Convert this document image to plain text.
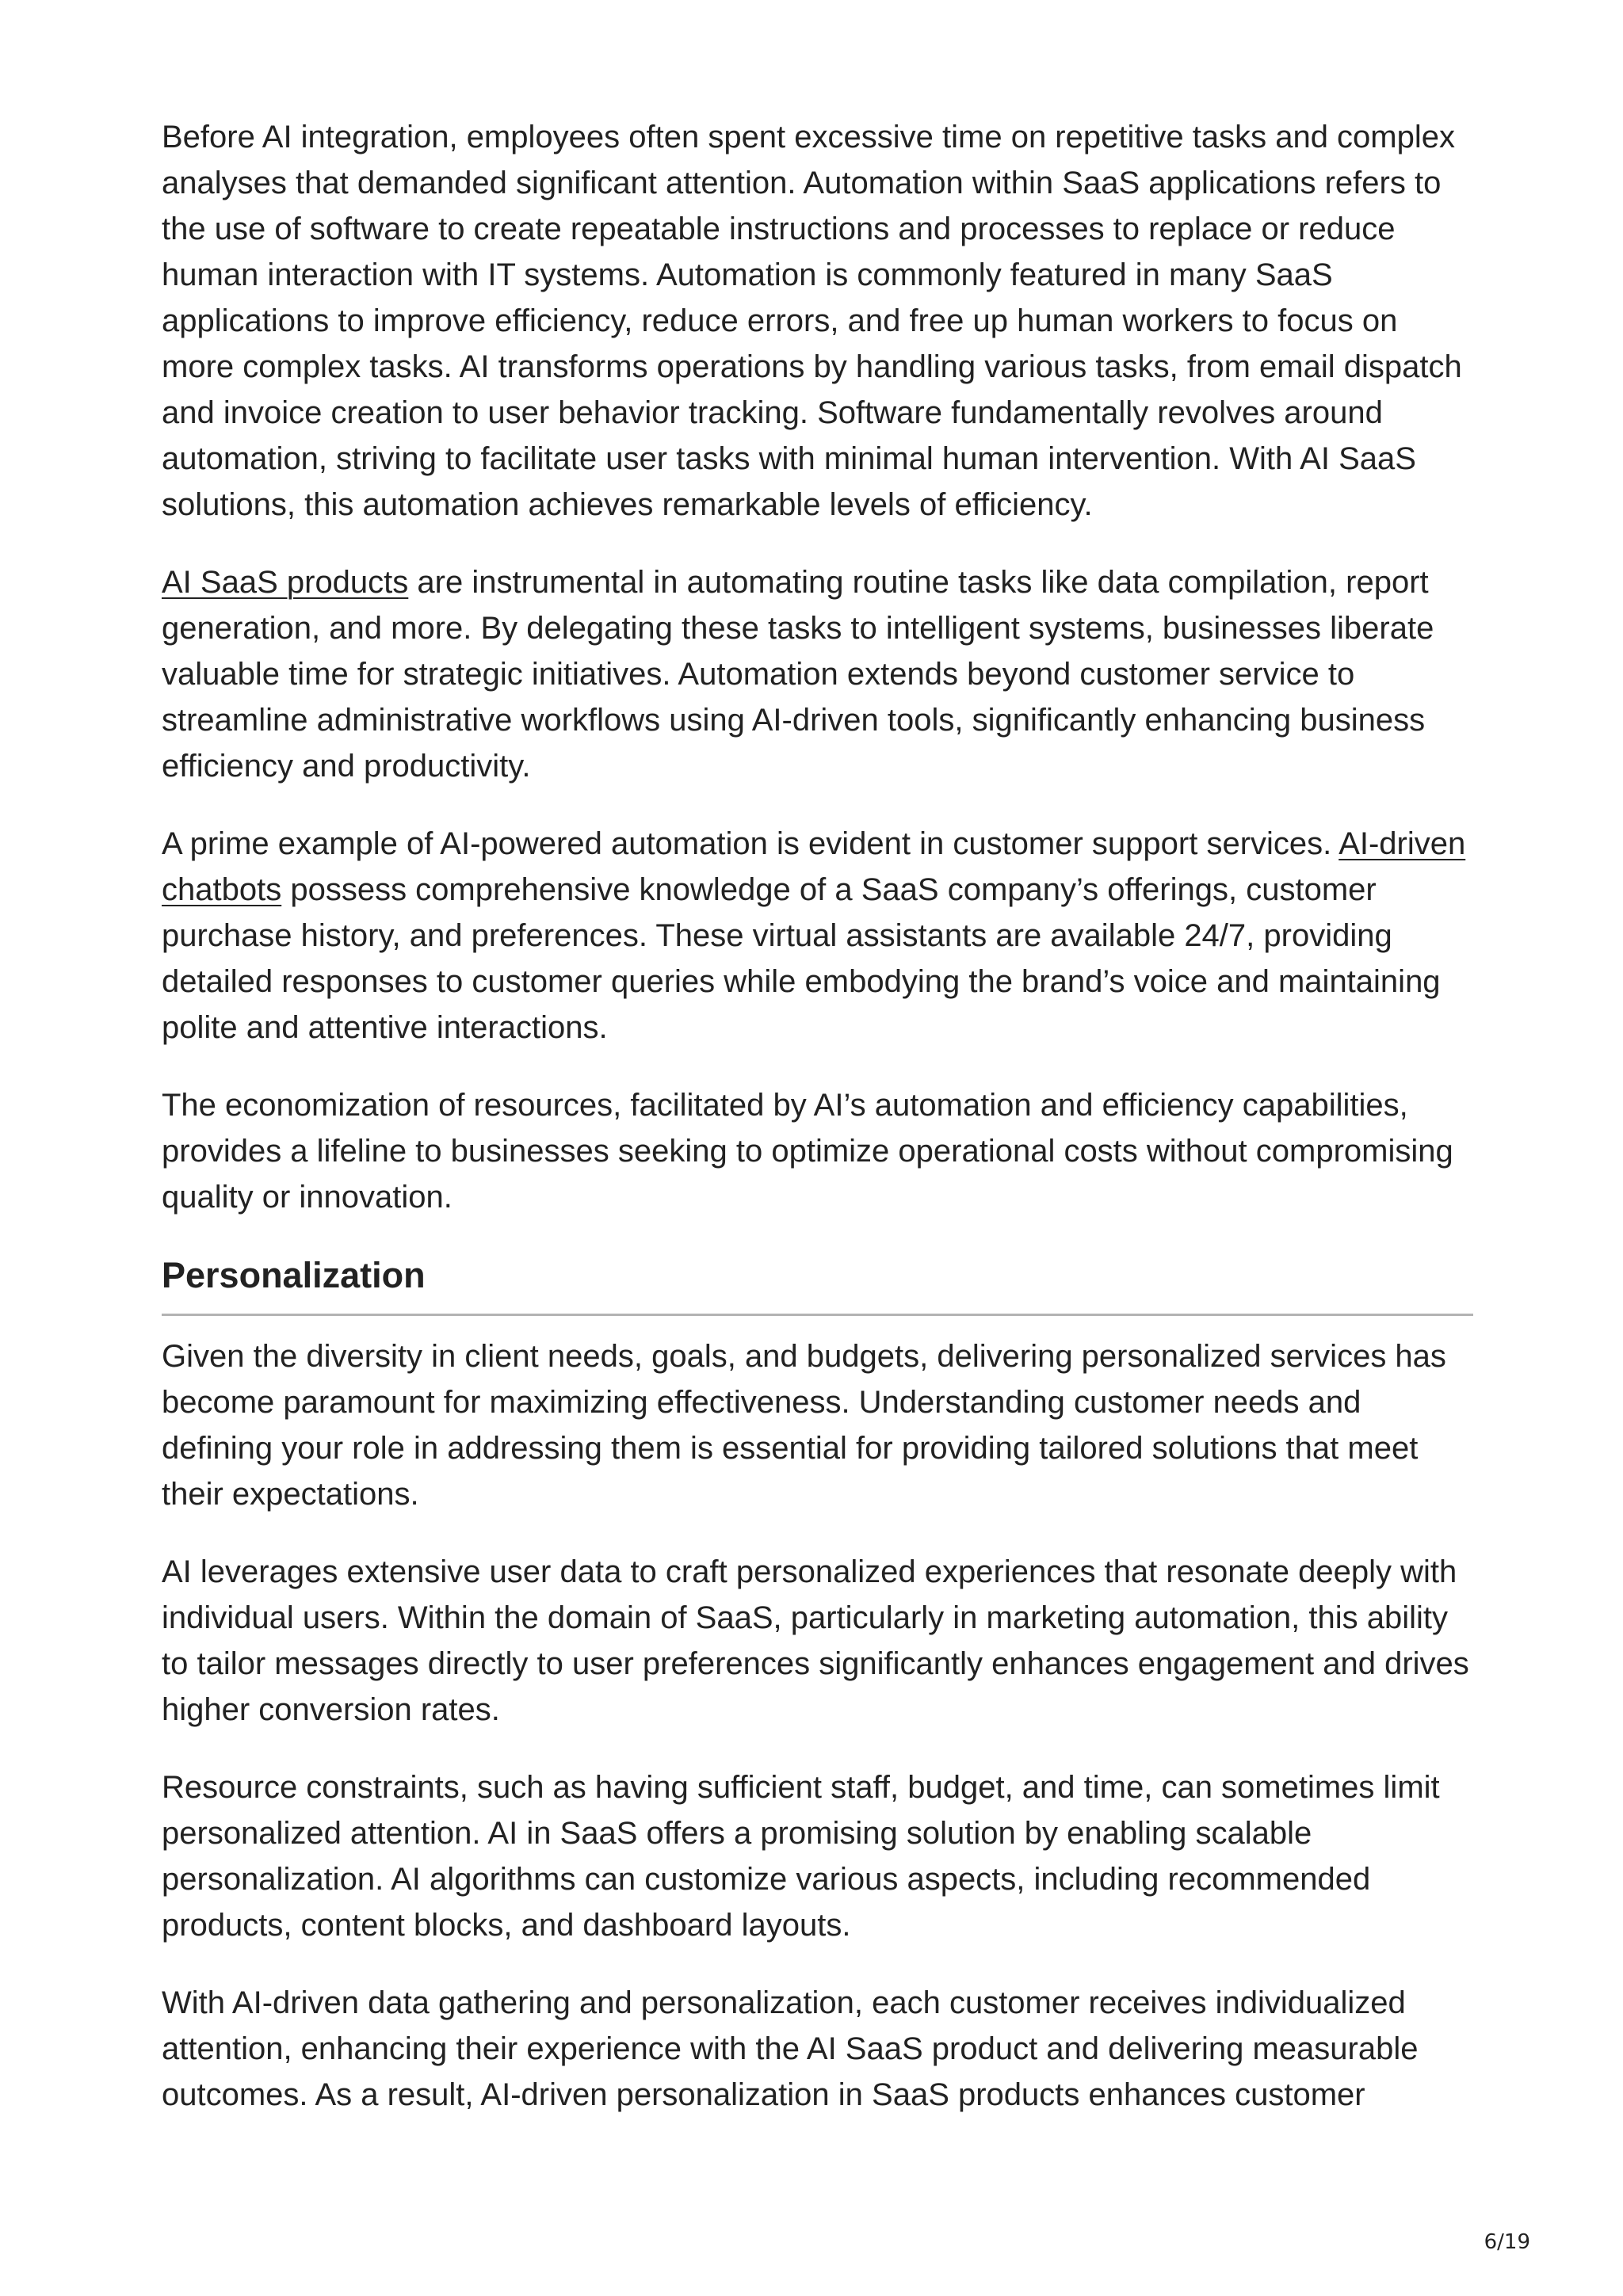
Before AI integration, employees often spent excessive time on repetitive tasks and complex analyses that demanded significant attention. Automation within SaaS applications refers to the use of software to create repeatable instructions and processes to replace or reduce human interaction with IT systems. Automation is commonly featured in many SaaS applications to improve efficiency, reduce errors, and free up human workers to focus on more complex tasks. AI transforms operations by handling various tasks, from email dispatch and invoice creation to user behavior tracking. Software fundamentally revolves around automation, striving to facilitate user tasks with minimal human intervention. With AI SaaS solutions, this automation achieves remarkable levels of efficiency.

AI SaaS products are instrumental in automating routine tasks like data compilation, report generation, and more. By delegating these tasks to intelligent systems, businesses liberate valuable time for strategic initiatives. Automation extends beyond customer service to streamline administrative workflows using AI-driven tools, significantly enhancing business efficiency and productivity.

A prime example of AI-powered automation is evident in customer support services. AI-driven chatbots possess comprehensive knowledge of a SaaS company’s offerings, customer purchase history, and preferences. These virtual assistants are available 24/7, providing detailed responses to customer queries while embodying the brand’s voice and maintaining polite and attentive interactions.

The economization of resources, facilitated by AI’s automation and efficiency capabilities, provides a lifeline to businesses seeking to optimize operational costs without compromising quality or innovation.

Personalization

Given the diversity in client needs, goals, and budgets, delivering personalized services has become paramount for maximizing effectiveness. Understanding customer needs and defining your role in addressing them is essential for providing tailored solutions that meet their expectations.

AI leverages extensive user data to craft personalized experiences that resonate deeply with individual users. Within the domain of SaaS, particularly in marketing automation, this ability to tailor messages directly to user preferences significantly enhances engagement and drives higher conversion rates.

Resource constraints, such as having sufficient staff, budget, and time, can sometimes limit personalized attention. AI in SaaS offers a promising solution by enabling scalable personalization. AI algorithms can customize various aspects, including recommended products, content blocks, and dashboard layouts.

With AI-driven data gathering and personalization, each customer receives individualized attention, enhancing their experience with the AI SaaS product and delivering measurable outcomes. As a result, AI-driven personalization in SaaS products enhances customer

6/19
